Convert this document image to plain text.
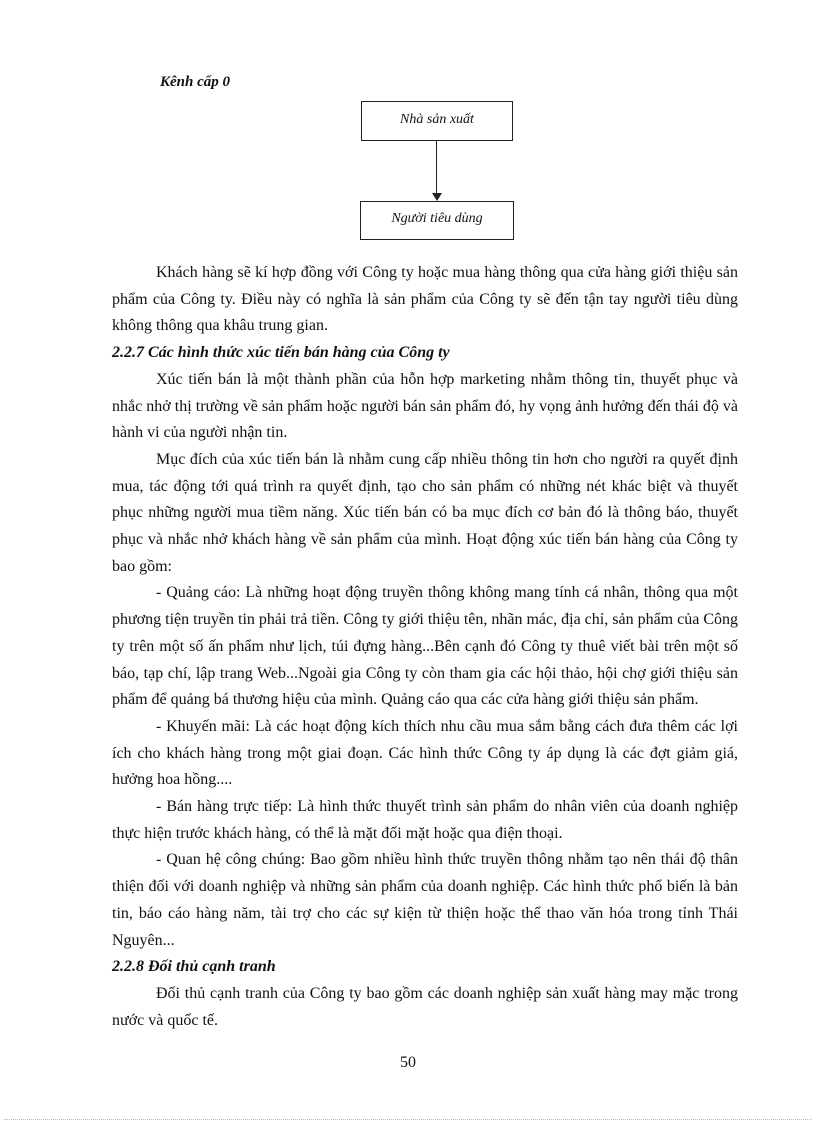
Kênh cấp 0
Nhà sản xuất
Người tiêu dùng

Khách hàng sẽ kí hợp đồng với Công ty hoặc mua hàng thông qua cửa hàng giới thiệu sản phẩm của Công ty. Điều này có nghĩa là sản phẩm của Công ty sẽ đến tận tay người tiêu dùng không thông qua khâu trung gian.

2.2.7 Các hình thức xúc tiến bán hàng của Công ty

Xúc tiến bán là một thành phần của hỗn hợp marketing nhằm thông tin, thuyết phục và nhắc nhở thị trường về sản phẩm hoặc người bán sản phẩm đó, hy vọng ảnh hưởng đến thái độ và hành vi của người nhận tin.

Mục đích của xúc tiến bán là nhằm cung cấp nhiều thông tin hơn cho người ra quyết định mua, tác động tới quá trình ra quyết định, tạo cho sản phẩm có những nét khác biệt và thuyết phục những người mua tiềm năng. Xúc tiến bán có ba mục đích cơ bản đó là thông báo, thuyết phục và nhắc nhở khách hàng về sản phẩm của mình. Hoạt động xúc tiến bán hàng của Công ty bao gồm:

- Quảng cáo: Là những hoạt động truyền thông không mang tính cá nhân, thông qua một phương tiện truyền tin phải trả tiền. Công ty giới thiệu tên, nhãn mác, địa chỉ, sản phẩm của Công ty trên một số ấn phẩm như lịch, túi đựng hàng...Bên cạnh đó Công ty thuê viết bài trên một số báo, tạp chí, lập trang Web...Ngoài gia Công ty còn tham gia các hội thảo, hội chợ giới thiệu sản phẩm để quảng bá thương hiệu của mình. Quảng cáo qua các cửa hàng giới thiệu sản phẩm.

- Khuyến mãi: Là các hoạt động kích thích nhu cầu mua sắm bằng cách đưa thêm các lợi ích cho khách hàng trong một giai đoạn. Các hình thức Công ty áp dụng là các đợt giảm giá, hưởng hoa hồng....

- Bán hàng trực tiếp: Là hình thức thuyết trình sản phẩm do nhân viên của doanh nghiệp thực hiện trước khách hàng, có thể là mặt đối mặt hoặc qua điện thoại.

- Quan hệ công chúng: Bao gồm nhiều hình thức truyền thông nhằm tạo nên thái độ thân thiện đối với doanh nghiệp và những sản phẩm của doanh nghiệp. Các hình thức phổ biến là bản tin, báo cáo hàng năm, tài trợ cho các sự kiện từ thiện hoặc thể thao văn hóa trong tỉnh Thái Nguyên...

2.2.8 Đối thủ cạnh tranh

Đối thủ cạnh tranh của Công ty bao gồm các doanh nghiệp sản xuất hàng may mặc trong nước và quốc tế.

50
